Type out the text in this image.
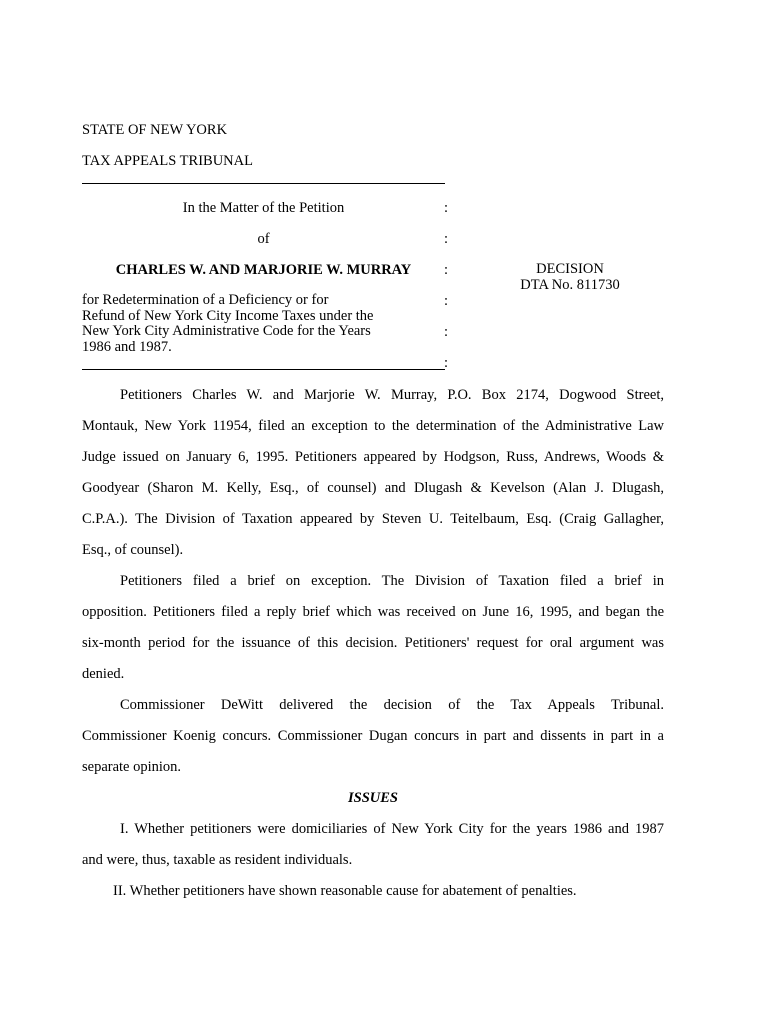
STATE OF NEW YORK
TAX APPEALS TRIBUNAL
In the Matter of the Petition
of
CHARLES W. AND MARJORIE W. MURRAY
for Redetermination of a Deficiency or for
Refund of New York City Income Taxes under the
New York City Administrative Code for the Years
1986 and 1987.
:
:
:
:
:
:
DECISION
DTA No. 811730
Petitioners Charles W. and Marjorie W. Murray, P.O. Box 2174, Dogwood Street,
Montauk, New York 11954, filed an exception to the determination of the Administrative Law
Judge issued on January 6, 1995. Petitioners appeared by Hodgson, Russ, Andrews, Woods &
Goodyear (Sharon M. Kelly, Esq., of counsel) and Dlugash & Kevelson (Alan J. Dlugash,
C.P.A.). The Division of Taxation appeared by Steven U. Teitelbaum, Esq. (Craig Gallagher,
Esq., of counsel).
Petitioners filed a brief on exception. The Division of Taxation filed a brief in
opposition. Petitioners filed a reply brief which was received on June 16, 1995, and began the
six-month period for the issuance of this decision. Petitioners' request for oral argument was
denied.
Commissioner DeWitt delivered the decision of the Tax Appeals Tribunal.
Commissioner Koenig concurs. Commissioner Dugan concurs in part and dissents in part in a
separate opinion.
ISSUES
I. Whether petitioners were domiciliaries of New York City for the years 1986 and 1987
and were, thus, taxable as resident individuals.
II. Whether petitioners have shown reasonable cause for abatement of penalties.
